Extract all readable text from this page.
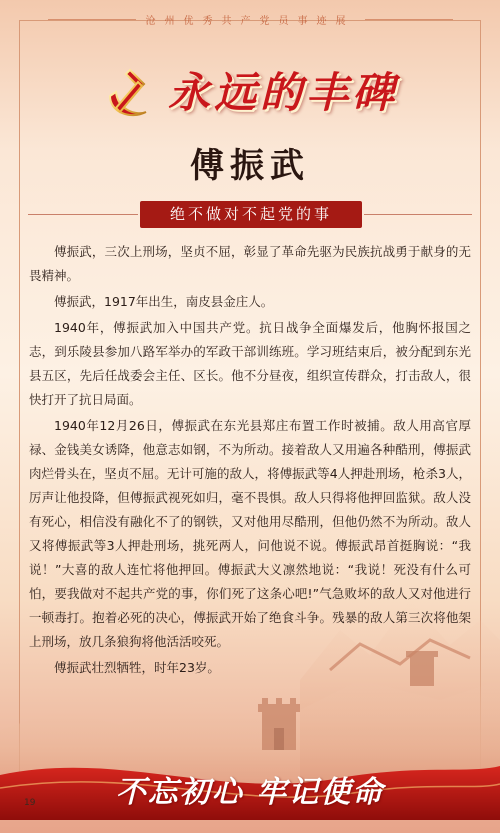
沧州优秀共产党员事迹展
永远的丰碑
傅振武
绝不做对不起党的事

傅振武，三次上刑场，坚贞不屈，彰显了革命先驱为民族抗战勇于献身的无畏精神。

傅振武，1917年出生，南皮县金庄人。

1940年，傅振武加入中国共产党。抗日战争全面爆发后，他胸怀报国之志，到乐陵县参加八路军举办的军政干部训练班。学习班结束后，被分配到东光县五区，先后任战委会主任、区长。他不分昼夜，组织宣传群众，打击敌人，很快打开了抗日局面。

1940年12月26日，傅振武在东光县郑庄布置工作时被捕。敌人用高官厚禄、金钱美女诱降，他意志如钢，不为所动。接着敌人又用遍各种酷刑，傅振武肉烂骨头在，坚贞不屈。无计可施的敌人，将傅振武等4人押赴刑场，枪杀3人，厉声让他投降，但傅振武视死如归，毫不畏惧。敌人只得将他押回监狱。敌人没有死心，相信没有融化不了的钢铁，又对他用尽酷刑，但他仍然不为所动。敌人又将傅振武等3人押赴刑场，挑死两人，问他说不说。傅振武昂首挺胸说：“我说！”大喜的敌人连忙将他押回。傅振武大义凛然地说：“我说！死没有什么可怕，要我做对不起共产党的事，你们死了这条心吧!”气急败坏的敌人又对他进行一顿毒打。抱着必死的决心，傅振武开始了绝食斗争。残暴的敌人第三次将他架上刑场，放几条狼狗将他活活咬死。

傅振武壮烈牺牲，时年23岁。

不忘初心 牢记使命
19
